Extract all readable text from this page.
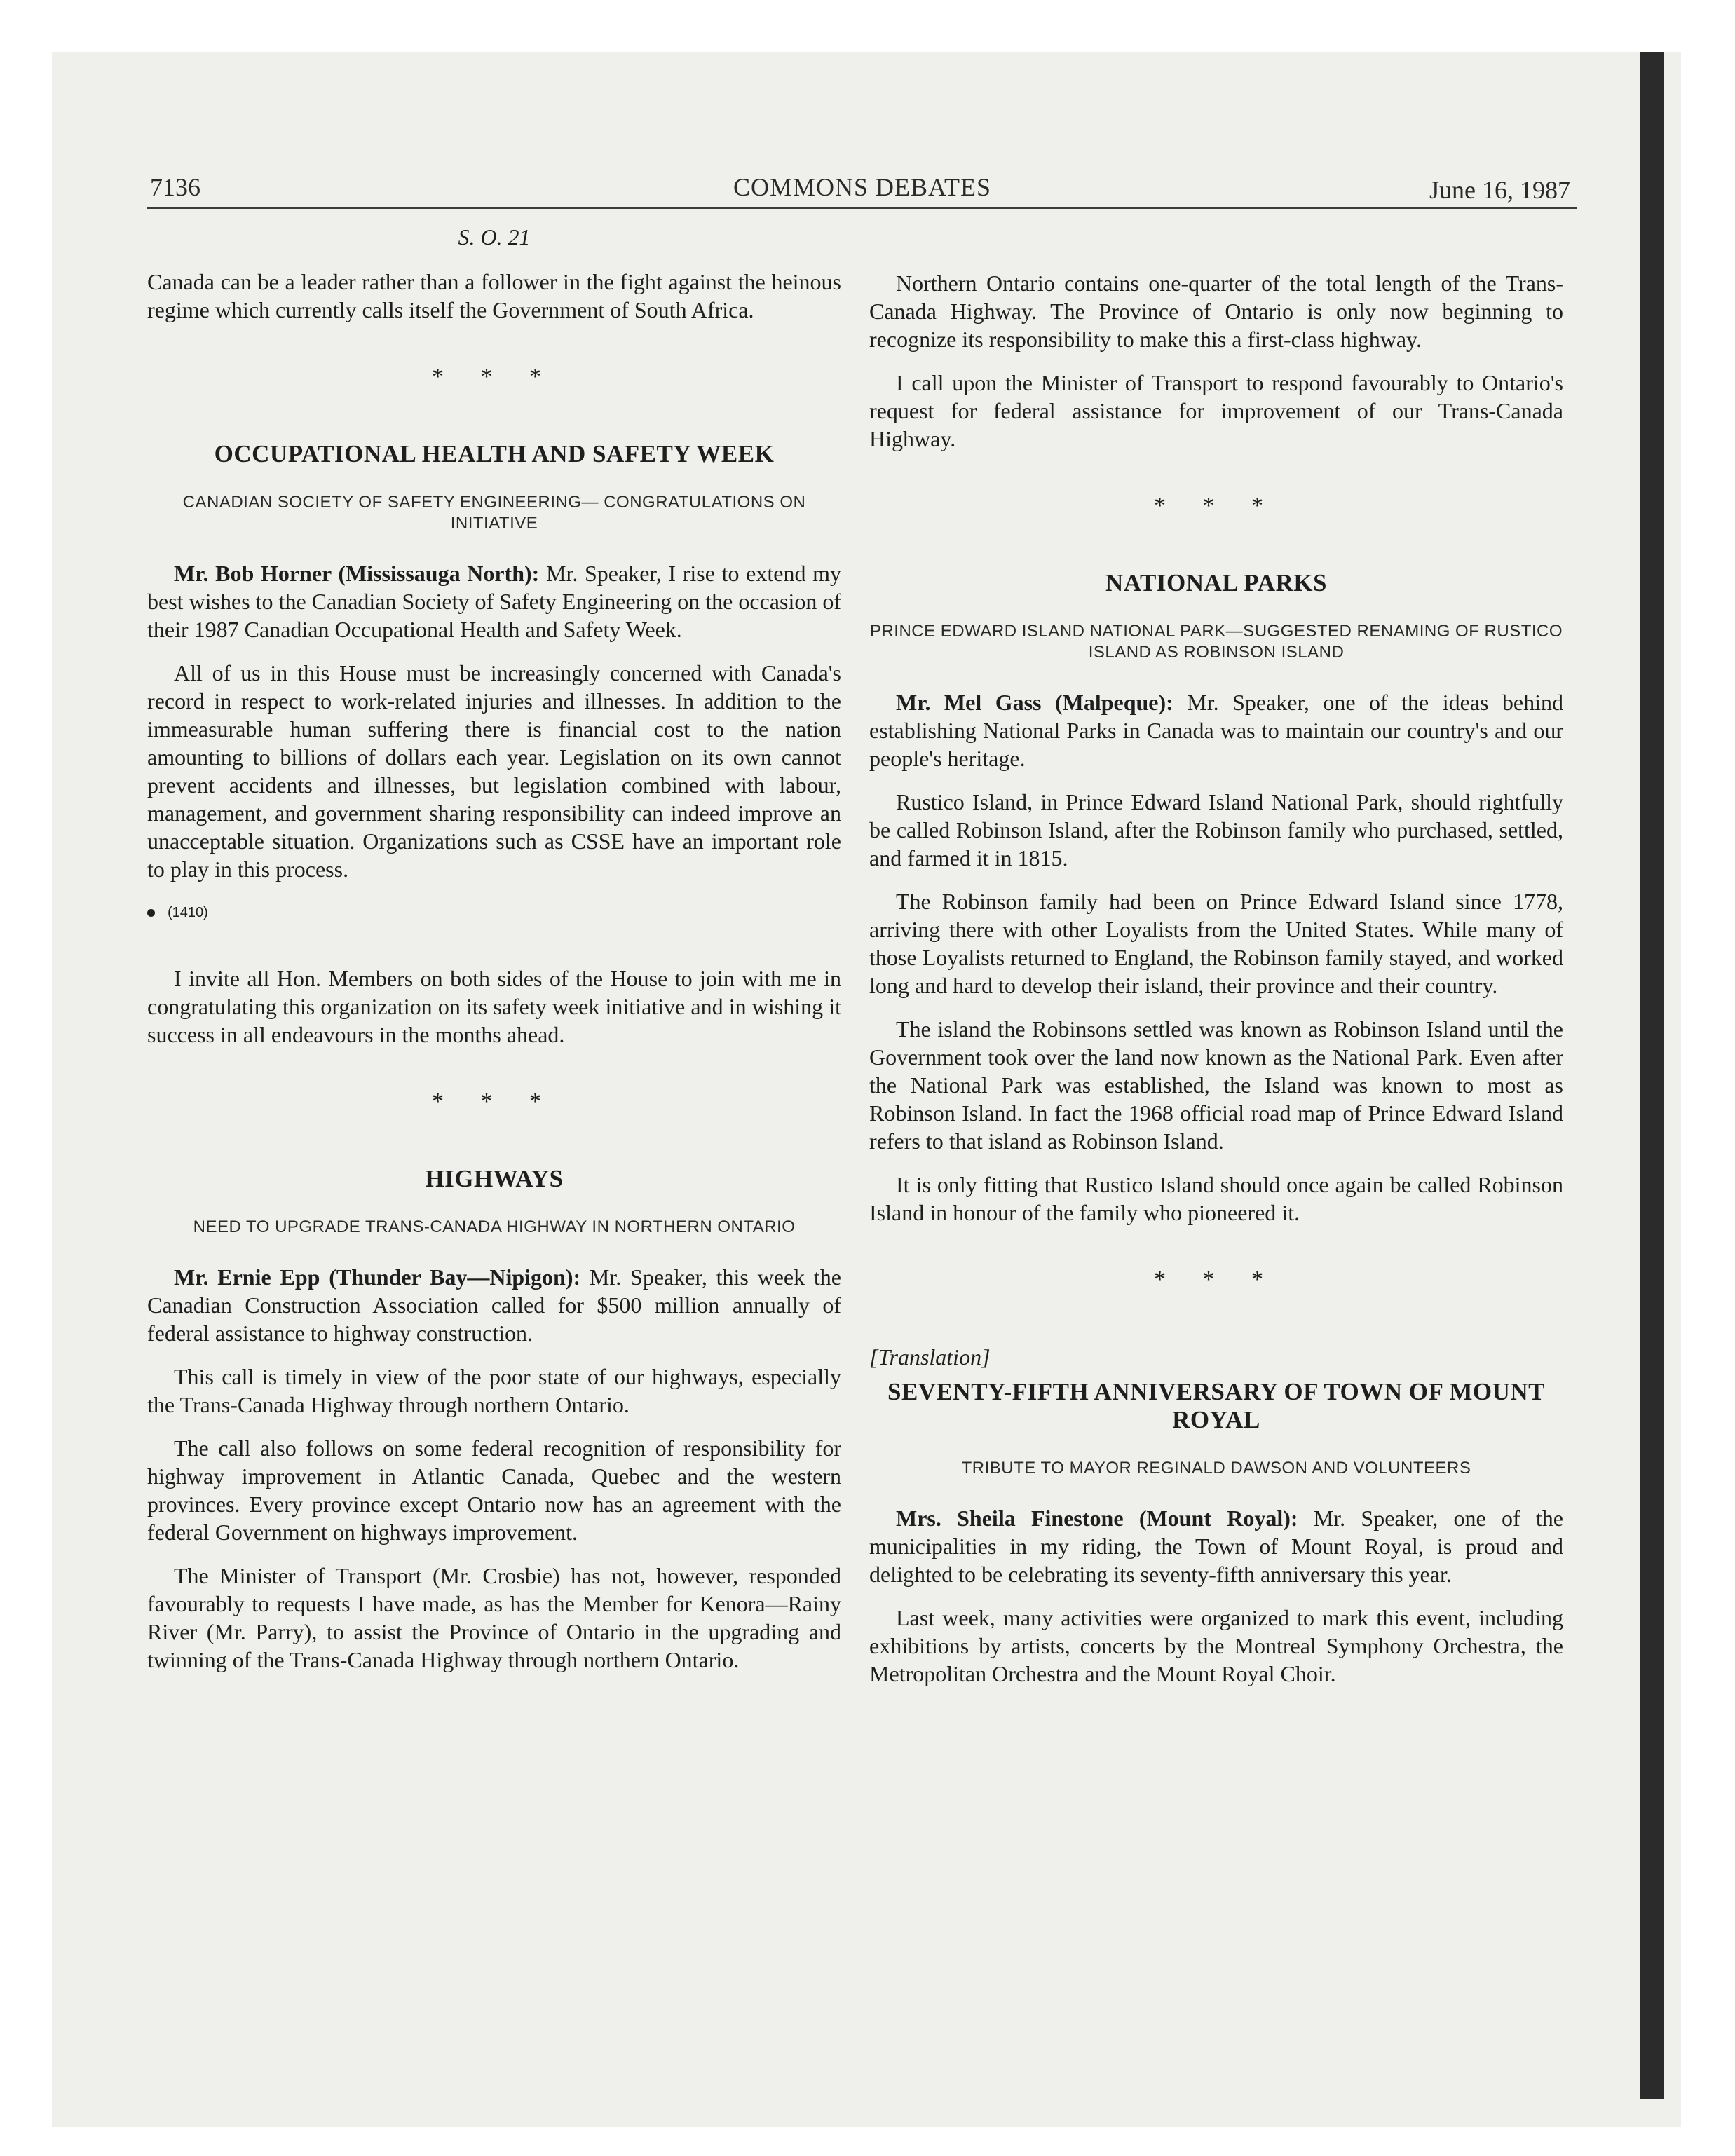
7136	COMMONS DEBATES	June 16, 1987
S. O. 21

Canada can be a leader rather than a follower in the fight against the heinous regime which currently calls itself the Government of South Africa.

* * *
OCCUPATIONAL HEALTH AND SAFETY WEEK
CANADIAN SOCIETY OF SAFETY ENGINEERING— CONGRATULATIONS ON INITIATIVE

Mr. Bob Horner (Mississauga North): Mr. Speaker, I rise to extend my best wishes to the Canadian Society of Safety Engineering on the occasion of their 1987 Canadian Occupational Health and Safety Week.

All of us in this House must be increasingly concerned with Canada's record in respect to work-related injuries and illnesses. In addition to the immeasurable human suffering there is financial cost to the nation amounting to billions of dollars each year. Legislation on its own cannot prevent accidents and illnesses, but legislation combined with labour, management, and government sharing responsibility can indeed improve an unacceptable situation. Organizations such as CSSE have an important role to play in this process.

(1410)

I invite all Hon. Members on both sides of the House to join with me in congratulating this organization on its safety week initiative and in wishing it success in all endeavours in the months ahead.

* * *
HIGHWAYS
NEED TO UPGRADE TRANS-CANADA HIGHWAY IN NORTHERN ONTARIO

Mr. Ernie Epp (Thunder Bay—Nipigon): Mr. Speaker, this week the Canadian Construction Association called for $500 million annually of federal assistance to highway construction.

This call is timely in view of the poor state of our highways, especially the Trans-Canada Highway through northern Ontario.

The call also follows on some federal recognition of responsibility for highway improvement in Atlantic Canada, Quebec and the western provinces. Every province except Ontario now has an agreement with the federal Government on highways improvement.

The Minister of Transport (Mr. Crosbie) has not, however, responded favourably to requests I have made, as has the Member for Kenora—Rainy River (Mr. Parry), to assist the Province of Ontario in the upgrading and twinning of the Trans-Canada Highway through northern Ontario.

Northern Ontario contains one-quarter of the total length of the Trans-Canada Highway. The Province of Ontario is only now beginning to recognize its responsibility to make this a first-class highway.

I call upon the Minister of Transport to respond favourably to Ontario's request for federal assistance for improvement of our Trans-Canada Highway.

* * *
NATIONAL PARKS
PRINCE EDWARD ISLAND NATIONAL PARK—SUGGESTED RENAMING OF RUSTICO ISLAND AS ROBINSON ISLAND

Mr. Mel Gass (Malpeque): Mr. Speaker, one of the ideas behind establishing National Parks in Canada was to maintain our country's and our people's heritage.

Rustico Island, in Prince Edward Island National Park, should rightfully be called Robinson Island, after the Robinson family who purchased, settled, and farmed it in 1815.

The Robinson family had been on Prince Edward Island since 1778, arriving there with other Loyalists from the United States. While many of those Loyalists returned to England, the Robinson family stayed, and worked long and hard to develop their island, their province and their country.

The island the Robinsons settled was known as Robinson Island until the Government took over the land now known as the National Park. Even after the National Park was established, the Island was known to most as Robinson Island. In fact the 1968 official road map of Prince Edward Island refers to that island as Robinson Island.

It is only fitting that Rustico Island should once again be called Robinson Island in honour of the family who pioneered it.

* * *

[Translation]

SEVENTY-FIFTH ANNIVERSARY OF TOWN OF MOUNT ROYAL
TRIBUTE TO MAYOR REGINALD DAWSON AND VOLUNTEERS

Mrs. Sheila Finestone (Mount Royal): Mr. Speaker, one of the municipalities in my riding, the Town of Mount Royal, is proud and delighted to be celebrating its seventy-fifth anniversary this year.

Last week, many activities were organized to mark this event, including exhibitions by artists, concerts by the Montreal Symphony Orchestra, the Metropolitan Orchestra and the Mount Royal Choir.
